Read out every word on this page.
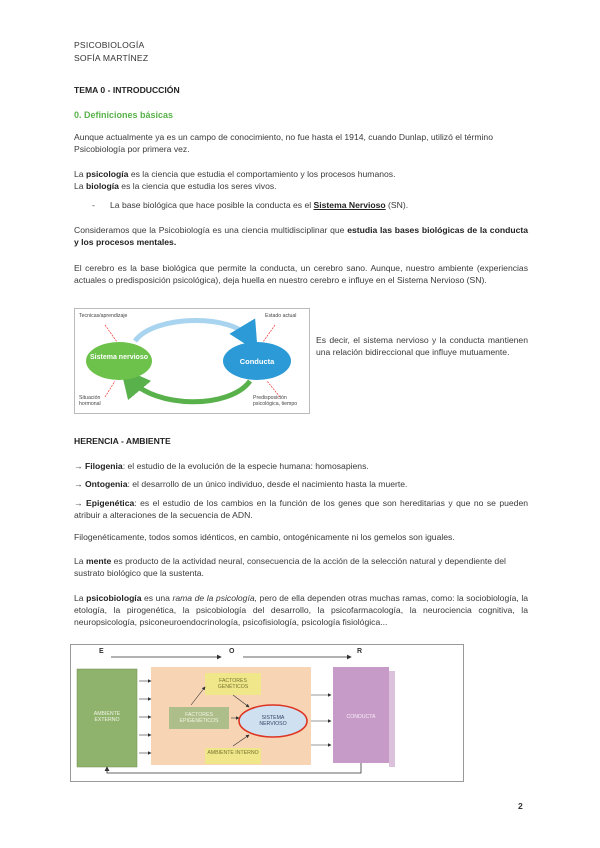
PSICOBIOLOGÍA
SOFÍA MARTÍNEZ
TEMA 0 - INTRODUCCIÓN
0. Definiciones básicas
Aunque actualmente ya es un campo de conocimiento, no fue hasta el 1914, cuando Dunlap, utilizó el término Psicobiología por primera vez.
La psicología es la ciencia que estudia el comportamiento y los procesos humanos.
La biología es la ciencia que estudia los seres vivos.
- La base biológica que hace posible la conducta es el Sistema Nervioso (SN).
Consideramos que la Psicobiología es una ciencia multidisciplinar que estudia las bases biológicas de la conducta y los procesos mentales.
El cerebro es la base biológica que permite la conducta, un cerebro sano. Aunque, nuestro ambiente (experiencias actuales o predisposición psicológica), deja huella en nuestro cerebro e influye en el Sistema Nervioso (SN).
Sistema nervioso	Conducta
Tecnicas/aprendizaje	Estado actual
Situación hormonal
Predisposición psicológica, tiempo
Es decir, el sistema nervioso y la conducta mantienen una relación bidireccional que influye mutuamente.
HERENCIA - AMBIENTE
→ Filogenia: el estudio de la evolución de la especie humana: homosapiens.
→ Ontogenia: el desarrollo de un único individuo, desde el nacimiento hasta la muerte.
→ Epigenética: es el estudio de los cambios en la función de los genes que son hereditarias y que no se pueden atribuir a alteraciones de la secuencia de ADN.
Filogenéticamente, todos somos idénticos, en cambio, ontogénicamente ni los gemelos son iguales.
La mente es producto de la actividad neural, consecuencia de la acción de la selección natural y dependiente del sustrato biológico que la sustenta.
La psicobiología es una rama de la psicología, pero de ella dependen otras muchas ramas, como: la sociobiología, la etología, la pirogenética, la psicobiología del desarrollo, la psicofarmacología, la neurociencia cognitiva, la neuropsicología, psiconeuroendocrinología, psicofisiología, psicología fisiológica...
E	O	R
AMBIENTE EXTERNO
FACTORES GENÉTICOS
FACTORES EPIGENÉTICOS	SISTEMA NERVIOSO
AMBIENTE INTERNO
CONDUCTA
2
